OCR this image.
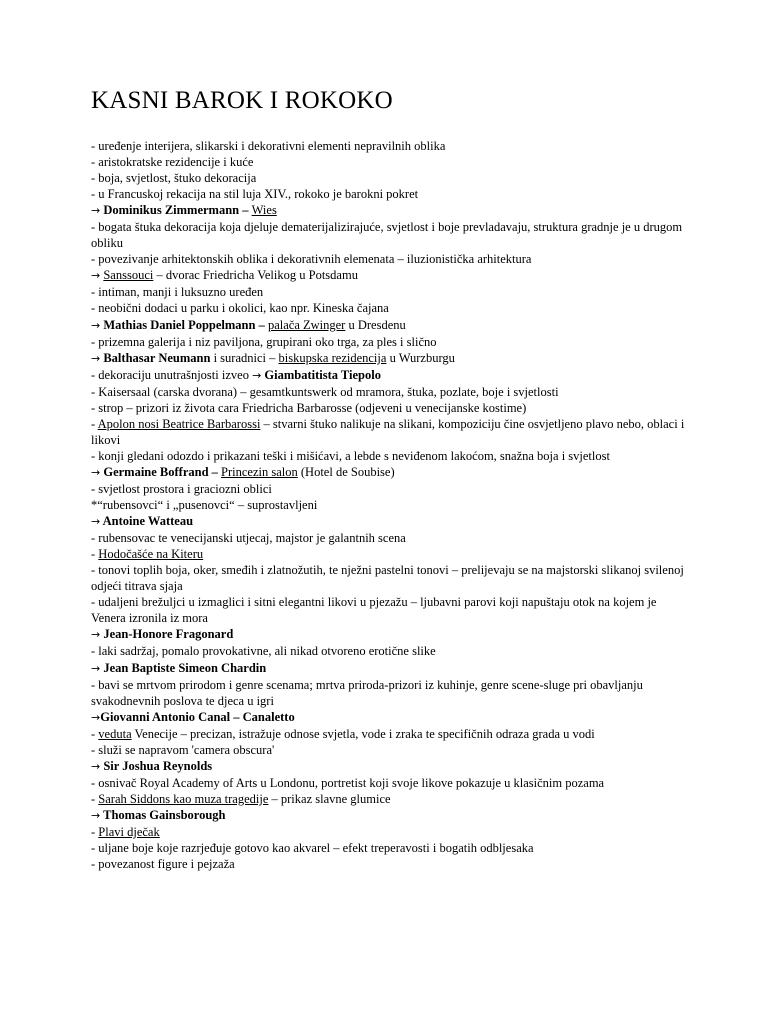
KASNI BAROK I ROKOKO
- uređenje interijera, slikarski i dekorativni elementi nepravilnih oblika
- aristokratske rezidencije i kuće
- boja, svjetlost, štuko dekoracija
- u Francuskoj rekacija na stil luja XIV., rokoko je barokni pokret
→ Dominikus Zimmermann – Wies
- bogata štuka dekoracija koja djeluje dematerijalizirajuće, svjetlost i boje prevladavaju, struktura gradnje je u drugom obliku
- povezivanje arhitektonskih oblika i dekorativnih elemenata – iluzionistička arhitektura
→ Sanssouci – dvorac Friedricha Velikog u Potsdamu
- intiman, manji i luksuzno uređen
- neobični dodaci u parku i okolici, kao npr. Kineska čajana
→ Mathias Daniel Poppelmann – palača Zwinger u Dresdenu
- prizemna galerija i niz paviljona, grupirani oko trga, za ples i slično
→ Balthasar Neumann i suradnici – biskupska rezidencija u Wurzburgu
- dekoraciju unutrašnjosti izveo → Giambatitista Tiepolo
- Kaisersaal (carska dvorana) – gesamtkuntswerk od mramora, štuka, pozlate, boje i svjetlosti
- strop – prizori iz života cara Friedricha Barbarosse (odjeveni u venecijanske kostime)
- Apolon nosi Beatrice Barbarossi – stvarni štuko nalikuje na slikani, kompoziciju čine osvjetljeno plavo nebo, oblaci i likovi
- konji gledani odozdo i prikazani teški i mišićavi, a lebde s neviđenom lakoćom, snažna boja i svjetlost
→ Germaine Boffrand – Princezin salon (Hotel de Soubise)
- svjetlost prostora i graciozni oblici
*“rubensovci“ i „pusenovci“ – suprostavljeni
→ Antoine Watteau
- rubensovac te venecijanski utjecaj, majstor je galantnih scena
- Hodočašće na Kiteru
- tonovi toplih boja, oker, smeđih i zlatnožutih, te nježni pastelni tonovi – prelijevaju se na majstorski slikanoj svilenoj odjeći titrava sjaja
- udaljeni brežuljci u izmaglici i sitni elegantni likovi u pjezažu – ljubavni parovi koji napuštaju otok na kojem je Venera izronila iz mora
→ Jean-Honore Fragonard
- laki sadržaj, pomalo provokativne, ali nikad otvoreno erotične slike
→ Jean Baptiste Simeon Chardin
- bavi se mrtvom prirodom i genre scenama; mrtva priroda-prizori iz kuhinje, genre scene-sluge pri obavljanju svakodnevnih poslova te djeca u igri
→Giovanni Antonio Canal – Canaletto
- veduta Venecije – precizan, istražuje odnose svjetla, vode i zraka te specifičnih odraza grada u vodi
- služi se napravom 'camera obscura'
→ Sir Joshua Reynolds
- osnivač Royal Academy of Arts u Londonu, portretist koji svoje likove pokazuje u klasičnim pozama
- Sarah Siddons kao muza tragedije – prikaz slavne glumice
→ Thomas Gainsborough
- Plavi dječak
- uljane boje koje razrjeđuje gotovo kao akvarel – efekt treperavosti i bogatih odbljesaka
- povezanost figure i pejzaža
